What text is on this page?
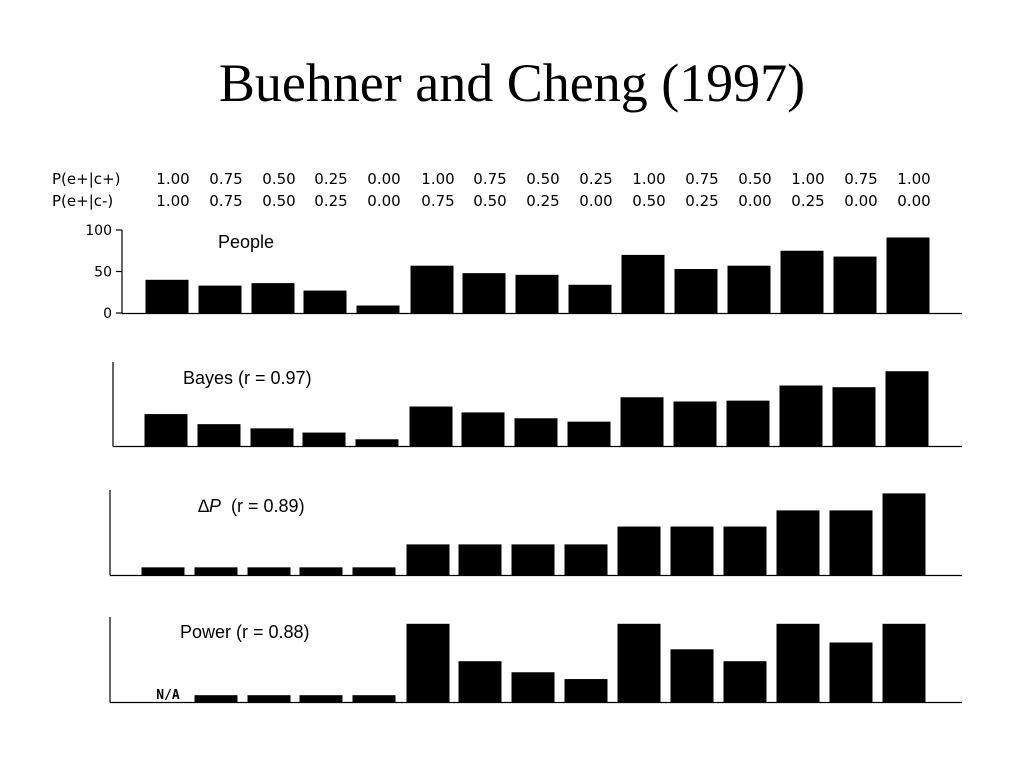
Buehner and Cheng (1997)
P(e+|c+)
P(e+|c-)
1.00 0.75 0.50 0.25 0.00 1.00 0.75 0.50 0.25 1.00 0.75 0.50 1.00 0.75 1.00
1.00 0.75 0.50 0.25 0.00 0.75 0.50 0.25 0.00 0.50 0.25 0.00 0.25 0.00 0.00
100
50
0
People
Bayes (r = 0.97)
∆P (r = 0.89)
N/A
Power (r = 0.88)
